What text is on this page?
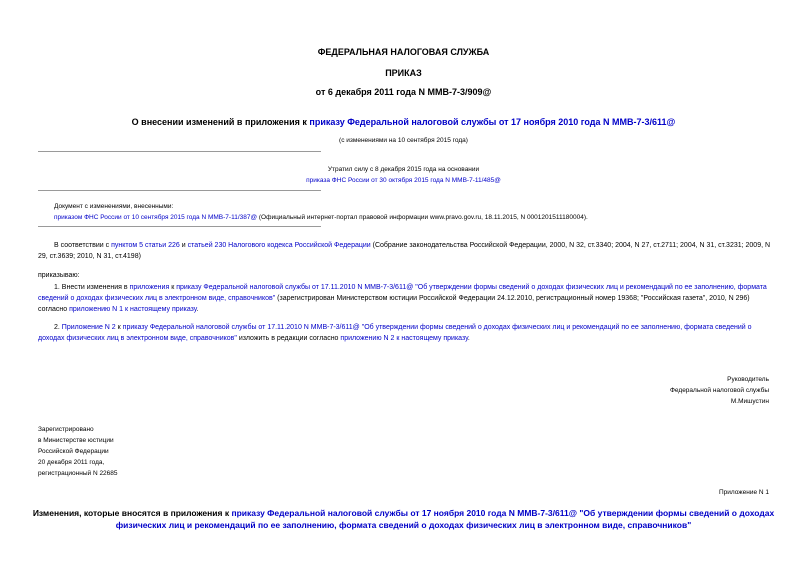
ФЕДЕРАЛЬНАЯ НАЛОГОВАЯ СЛУЖБА
ПРИКАЗ
от 6 декабря 2011 года N ММВ-7-3/909@
О внесении изменений в приложения к приказу Федеральной налоговой службы от 17 ноября 2010 года N ММВ-7-3/611@
(с изменениями на 10 сентября 2015 года)
Утратил силу с 8 декабря 2015 года на основании
приказа ФНС России от 30 октября 2015 года N ММВ-7-11/485@
Документ с изменениями, внесенными:
приказом ФНС России от 10 сентября 2015 года N ММВ-7-11/387@ (Официальный интернет-портал правовой информации www.pravo.gov.ru, 18.11.2015, N 0001201511180004).
В соответствии с пунктом 5 статьи 226 и статьей 230 Налогового кодекса Российской Федерации (Собрание законодательства Российской Федерации, 2000, N 32, ст.3340; 2004, N 27, ст.2711; 2004, N 31, ст.3231; 2009, N 29, ст.3639; 2010, N 31, ст.4198)
приказываю:
1. Внести изменения в приложения к приказу Федеральной налоговой службы от 17.11.2010 N ММВ-7-3/611@ "Об утверждении формы сведений о доходах физических лиц и рекомендаций по ее заполнению, формата сведений о доходах физических лиц в электронном виде, справочников" (зарегистрирован Министерством юстиции Российской Федерации 24.12.2010, регистрационный номер 19368; "Российская газета", 2010, N 296) согласно приложению N 1 к настоящему приказу.
2. Приложение N 2 к приказу Федеральной налоговой службы от 17.11.2010 N ММВ-7-3/611@ "Об утверждении формы сведений о доходах физических лиц и рекомендаций по ее заполнению, формата сведений о доходах физических лиц в электронном виде, справочников" изложить в редакции согласно приложению N 2 к настоящему приказу.
Руководитель
Федеральной налоговой службы
М.Мишустин
Зарегистрировано
в Министерстве юстиции
Российской Федерации
20 декабря 2011 года,
регистрационный N 22685
Приложение N 1
Изменения, которые вносятся в приложения к приказу Федеральной налоговой службы от 17 ноября 2010 года N ММВ-7-3/611@ "Об утверждении формы сведений о доходах физических лиц и рекомендаций по ее заполнению, формата сведений о доходах физических лиц в электронном виде, справочников"
